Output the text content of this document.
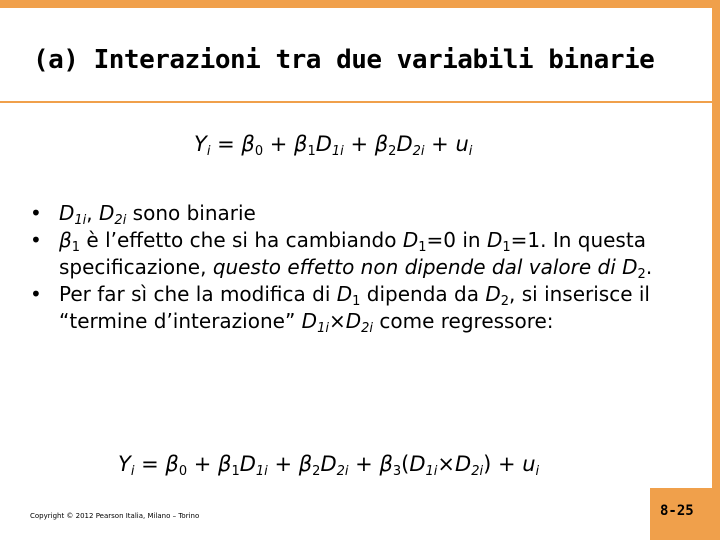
(a) Interazioni tra due variabili binarie
$Y_i = \beta_0 + \beta_1D_{1i} + \beta_2D_{2i} + u_i$
• $D_{1i}$, $D_{2i}$ sono binarie
• $\beta_1$ è l’effetto che si ha cambiando $D_1=0$ in $D_1=1$. In questa specificazione, questo effetto non dipende dal valore di $D_2$.
• Per far sì che la modifica di $D_1$ dipenda da $D_2$, si inserisce il “termine d’interazione” $D_{1i}\times D_{2i}$ come regressore:
$Y_i = \beta_0 + \beta_1D_{1i} + \beta_2D_{2i} + \beta_3(D_{1i}\times D_{2i}) + u_i$
Copyright © 2012 Pearson Italia, Milano – Torino	8-25
